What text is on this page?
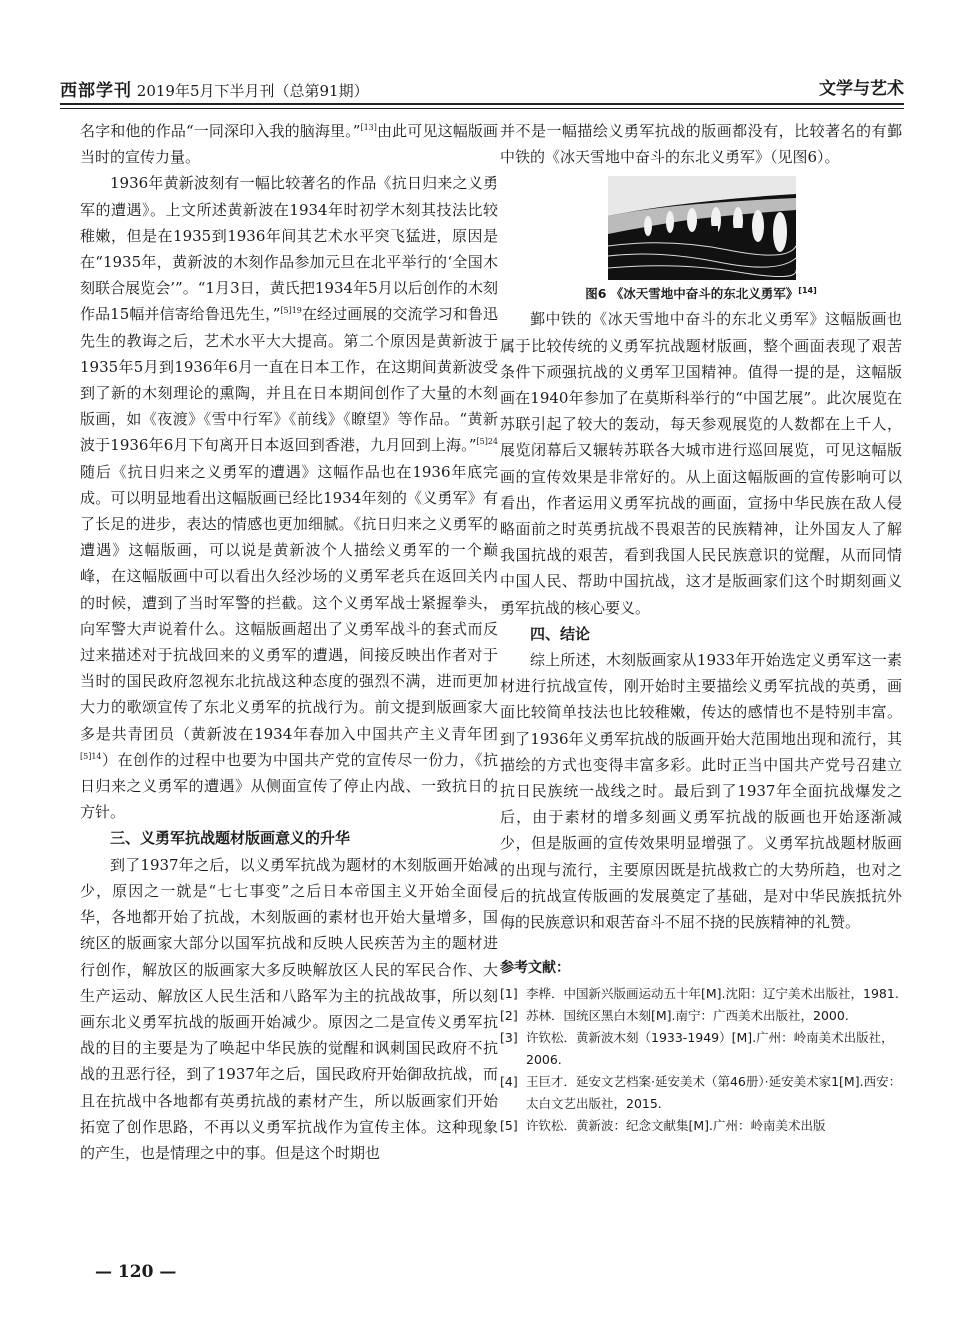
西部学刊 2019年5月下半月刊（总第91期）	文学与艺术

名字和他的作品“一同深印入我的脑海里。”[13]由此可见这幅版画当时的宣传力量。

1936年黄新波刻有一幅比较著名的作品《抗日归来之义勇军的遭遇》。上文所述黄新波在1934年时初学木刻其技法比较稚嫩，但是在1935到1936年间其艺术水平突飞猛进，原因是在“1935年，黄新波的木刻作品参加元旦在北平举行的‘全国木刻联合展览会’”。“1月3日，黄氏把1934年5月以后创作的木刻作品15幅并信寄给鲁迅先生，”$^{[5]19}$在经过画展的交流学习和鲁迅先生的教诲之后，艺术水平大大提高。第二个原因是黄新波于1935年5月到1936年6月一直在日本工作，在这期间黄新波受到了新的木刻理论的熏陶，并且在日本期间创作了大量的木刻版画，如《夜渡》《雪中行军》《前线》《瞭望》等作品。“黄新波于1936年6月下旬离开日本返回到香港，九月回到上海。”$^{[5]24}$随后《抗日归来之义勇军的遭遇》这幅作品也在1936年底完成。可以明显地看出这幅版画已经比1934年刻的《义勇军》有了长足的进步，表达的情感也更加细腻。《抗日归来之义勇军的遭遇》这幅版画，可以说是黄新波个人描绘义勇军的一个巅峰，在这幅版画中可以看出久经沙场的义勇军老兵在返回关内的时候，遭到了当时军警的拦截。这个义勇军战士紧握拳头，向军警大声说着什么。这幅版画超出了义勇军战斗的套式而反过来描述对于抗战回来的义勇军的遭遇，间接反映出作者对于当时的国民政府忽视东北抗战这种态度的强烈不满，进而更加大力的歌颂宣传了东北义勇军的抗战行为。前文提到版画家大多是共青团员（黄新波在1934年春加入中国共产主义青年团$^{[5]14}$）在创作的过程中也要为中国共产党的宣传尽一份力，《抗日归来之义勇军的遭遇》从侧面宣传了停止内战、一致抗日的方针。

三、义勇军抗战题材版画意义的升华

到了1937年之后，以义勇军抗战为题材的木刻版画开始减少，原因之一就是“七七事变”之后日本帝国主义开始全面侵华，各地都开始了抗战，木刻版画的素材也开始大量增多，国统区的版画家大部分以国军抗战和反映人民疾苦为主的题材进行创作，解放区的版画家大多反映解放区人民的军民合作、大生产运动、解放区人民生活和八路军为主的抗战故事，所以刻画东北义勇军抗战的版画开始减少。原因之二是宣传义勇军抗战的目的主要是为了唤起中华民族的觉醒和讽刺国民政府不抗战的丑恶行径，到了1937年之后，国民政府开始御敌抗战，而且在抗战中各地都有英勇抗战的素材产生，所以版画家们开始拓宽了创作思路，不再以义勇军抗战作为宣传主体。这种现象的产生，也是情理之中的事。但是这个时期也

并不是一幅描绘义勇军抗战的版画都没有，比较著名的有鄞中铁的《冰天雪地中奋斗的东北义勇军》（见图6）。

图6 《冰天雪地中奋斗的东北义勇军》[14]

鄞中铁的《冰天雪地中奋斗的东北义勇军》这幅版画也属于比较传统的义勇军抗战题材版画，整个画面表现了艰苦条件下顽强抗战的义勇军卫国精神。值得一提的是，这幅版画在1940年参加了在莫斯科举行的“中国艺展”。此次展览在苏联引起了较大的轰动，每天参观展览的人数都在上千人，展览闭幕后又辗转苏联各大城市进行巡回展览，可见这幅版画的宣传效果是非常好的。从上面这幅版画的宣传影响可以看出，作者运用义勇军抗战的画面，宣扬中华民族在敌人侵略面前之时英勇抗战不畏艰苦的民族精神，让外国友人了解我国抗战的艰苦，看到我国人民民族意识的觉醒，从而同情中国人民、帮助中国抗战，这才是版画家们这个时期刻画义勇军抗战的核心要义。

四、结论

综上所述，木刻版画家从1933年开始选定义勇军这一素材进行抗战宣传，刚开始时主要描绘义勇军抗战的英勇，画面比较简单技法也比较稚嫩，传达的感情也不是特别丰富。到了1936年义勇军抗战的版画开始大范围地出现和流行，其描绘的方式也变得丰富多彩。此时正当中国共产党号召建立抗日民族统一战线之时。最后到了1937年全面抗战爆发之后，由于素材的增多刻画义勇军抗战的版画也开始逐渐减少，但是版画的宣传效果明显增强了。义勇军抗战题材版画的出现与流行，主要原因既是抗战救亡的大势所趋，也对之后的抗战宣传版画的发展奠定了基础，是对中华民族抵抗外侮的民族意识和艰苦奋斗不屈不挠的民族精神的礼赞。

参考文献：
[1] 李桦．中国新兴版画运动五十年[M].沈阳：辽宁美术出版社，1981.
[2] 苏林．国统区黑白木刻[M].南宁：广西美术出版社，2000.
[3] 许钦松．黄新波木刻（1933-1949）[M].广州：岭南美术出版社，2006.
[4] 王巨才．延安文艺档案·延安美术（第46册）·延安美术家1[M].西安：太白文艺出版社，2015.
[5] 许钦松．黄新波：纪念文献集[M].广州：岭南美术出版
— 120 —
